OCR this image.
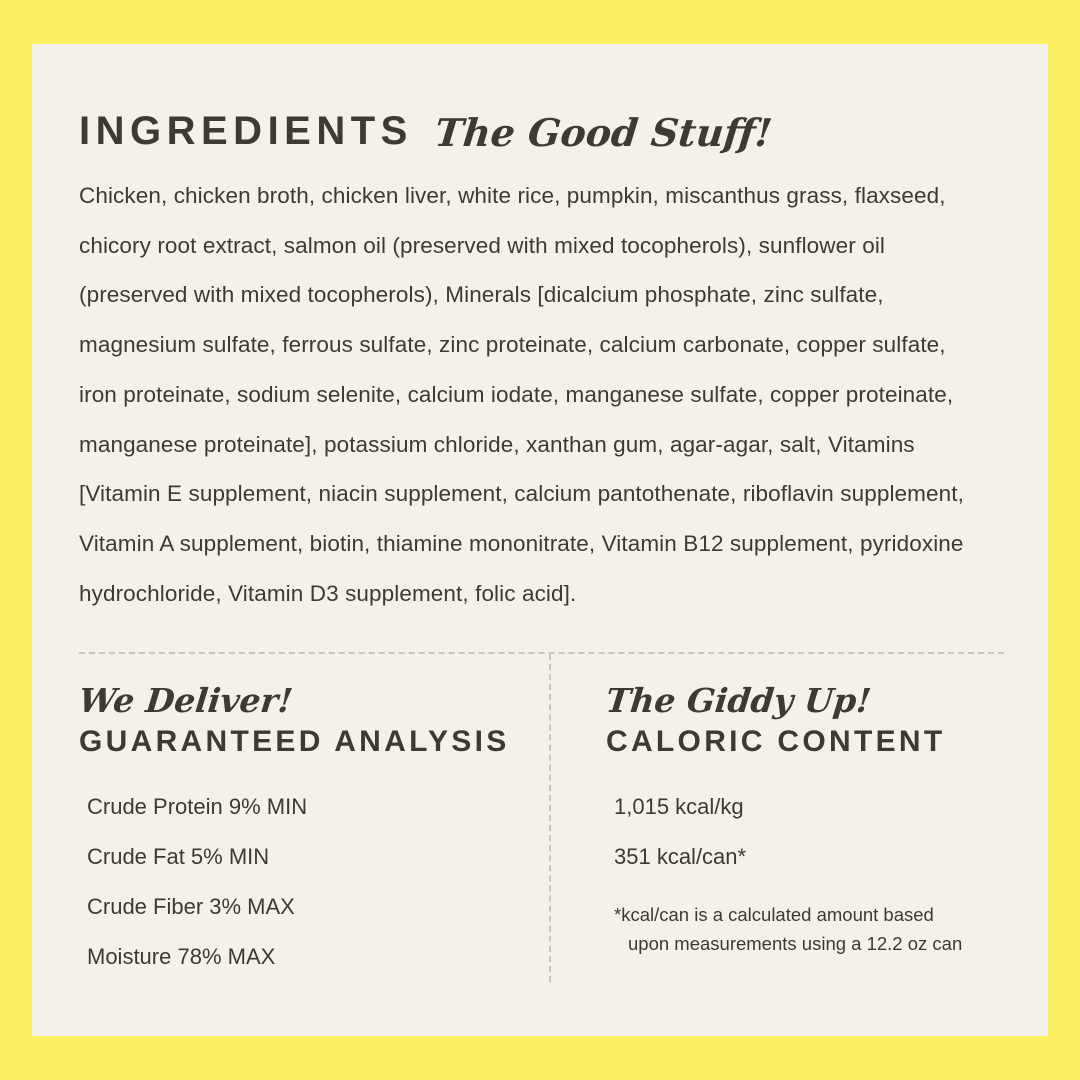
INGREDIENTS The Good Stuff!
Chicken, chicken broth, chicken liver, white rice, pumpkin, miscanthus grass, flaxseed, chicory root extract, salmon oil (preserved with mixed tocopherols), sunflower oil (preserved with mixed tocopherols), Minerals [dicalcium phosphate, zinc sulfate, magnesium sulfate, ferrous sulfate, zinc proteinate, calcium carbonate, copper sulfate, iron proteinate, sodium selenite, calcium iodate, manganese sulfate, copper proteinate, manganese proteinate], potassium chloride, xanthan gum, agar-agar, salt, Vitamins [Vitamin E supplement, niacin supplement, calcium pantothenate, riboflavin supplement, Vitamin A supplement, biotin, thiamine mononitrate, Vitamin B12 supplement, pyridoxine hydrochloride, Vitamin D3 supplement, folic acid].
We Deliver!
GUARANTEED ANALYSIS
Crude Protein 9% MIN
Crude Fat 5% MIN
Crude Fiber 3% MAX
Moisture 78% MAX
The Giddy Up!
CALORIC CONTENT
1,015 kcal/kg
351 kcal/can*
*kcal/can is a calculated amount based
upon measurements using a 12.2 oz can
